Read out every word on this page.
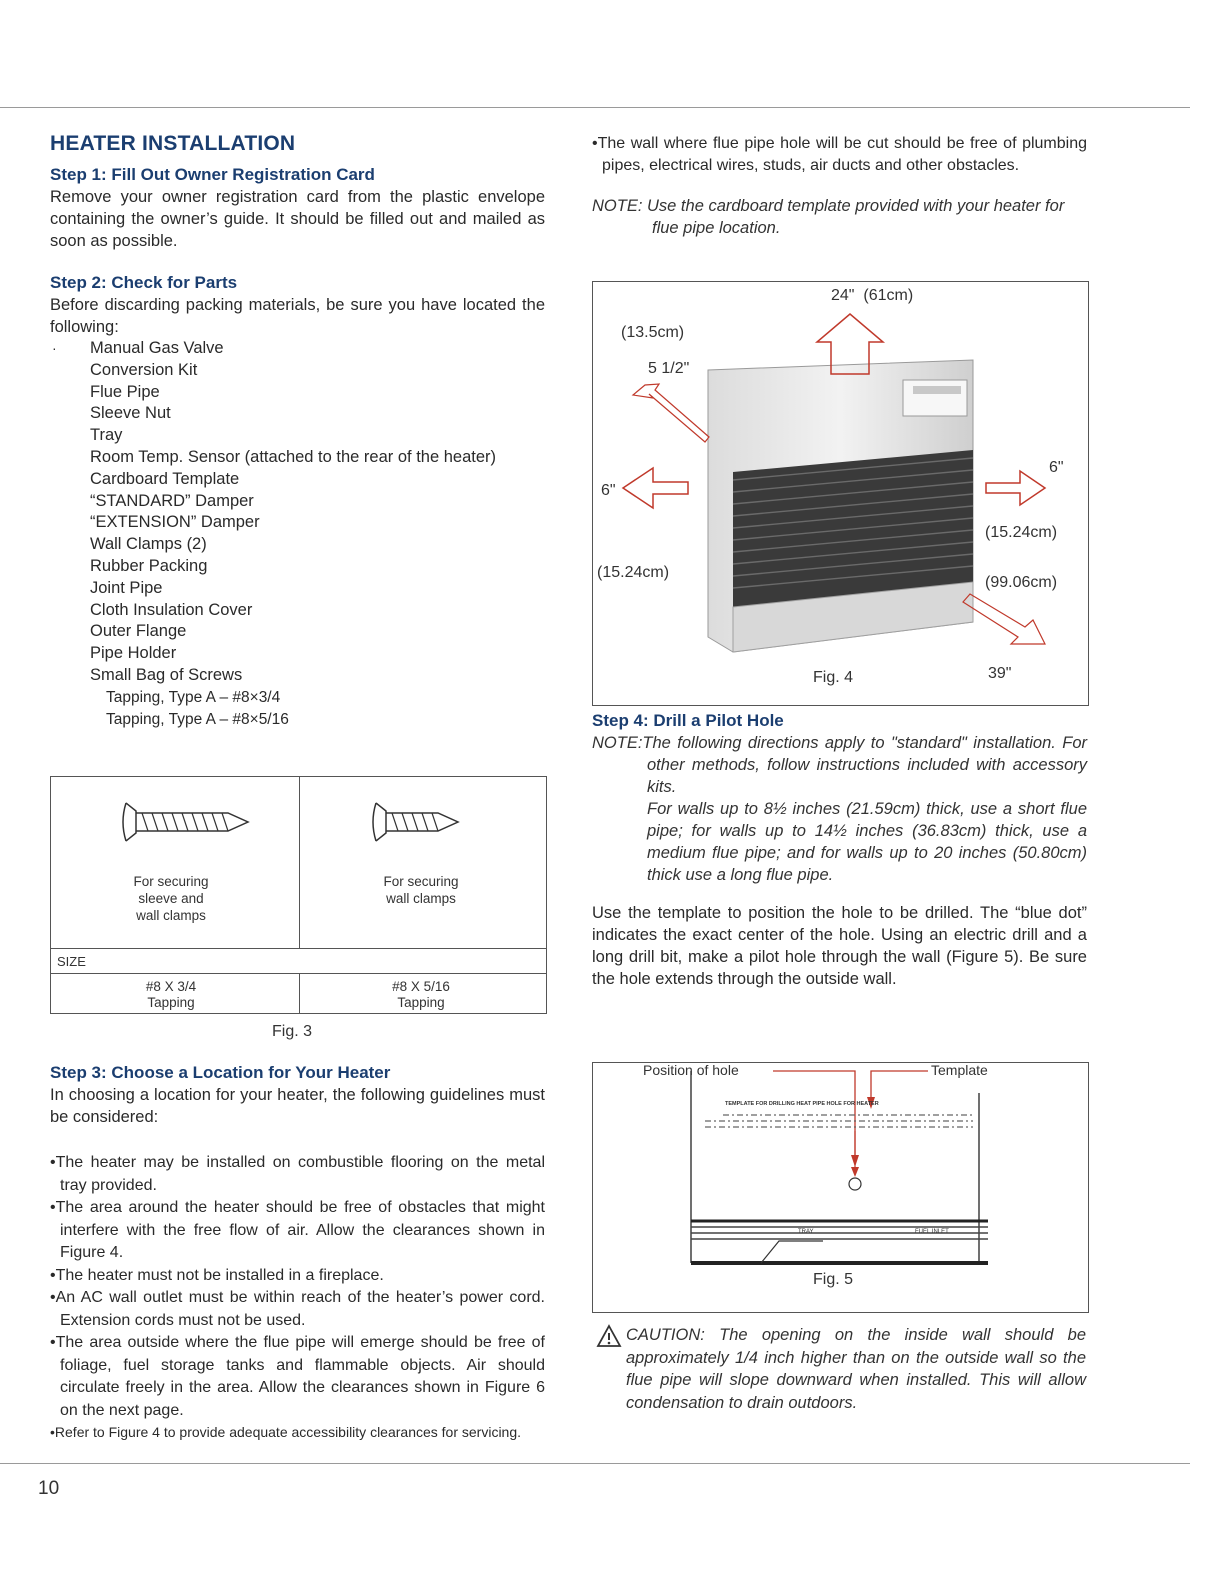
HEATER INSTALLATION
Step 1: Fill Out Owner Registration Card

Remove your owner registration card from the plastic envelope containing the owner’s guide. It should be filled out and mailed as soon as possible.

Step 2: Check for Parts

Before discarding packing materials, be sure you have located the following:

· Manual Gas Valve
Conversion Kit
Flue Pipe
Sleeve Nut
Tray
Room Temp. Sensor (attached to the rear of the heater)
Cardboard Template
“STANDARD” Damper
“EXTENSION” Damper
Wall Clamps (2)
Rubber Packing
Joint Pipe
Cloth Insulation Cover
Outer Flange
Pipe Holder
Small Bag of Screws
Tapping, Type A – #8×3/4
Tapping, Type A – #8×5/16
For securing
sleeve and
wall clamps
For securing
wall clamps
SIZE
#8 X 3/4
Tapping
#8 X 5/16
Tapping
Fig. 3
Step 3: Choose a Location for Your Heater

In choosing a location for your heater, the following guidelines must be considered:

•The heater may be installed on combustible flooring on the metal tray provided.

•The area around the heater should be free of obstacles that might interfere with the free flow of air. Allow the clearances shown in Figure 4.

•The heater must not be installed in a fireplace.

•An AC wall outlet must be within reach of the heater’s power cord. Extension cords must not be used.

•The area outside where the flue pipe will emerge should be free of foliage, fuel storage tanks and flammable objects. Air should circulate freely in the area. Allow the clearances shown in Figure 6 on the next page.

•Refer to Figure 4 to provide adequate accessibility clearances for servicing.

•The wall where flue pipe hole will be cut should be free of plumbing pipes, electrical wires, studs, air ducts and other obstacles.

NOTE: Use the cardboard template provided with your heater for flue pipe location.

24"  (61cm)
(13.5cm)
5 1/2"
6"
(15.24cm)
6"
(15.24cm)
(99.06cm)
39"
Fig. 4
Step 4: Drill a Pilot Hole

NOTE:The following directions apply to "standard" installation. For other methods, follow instructions included with accessory kits.

For walls up to 8½ inches (21.59cm) thick, use a short flue pipe; for walls up to 14½ inches (36.83cm) thick, use a medium flue pipe; and for walls up to 20 inches (50.80cm) thick use a long flue pipe.

Use the template to position the hole to be drilled. The “blue dot” indicates the exact center of the hole. Using an electric drill and a long drill bit, make a pilot hole through the wall (Figure 5). Be sure the hole extends through the outside wall.

Position of hole	Template
TEMPLATE FOR DRILLING HEAT PIPE HOLE FOR HEATER
TRAY	FUEL INLET
Fig. 5

CAUTION: The opening on the inside wall should be approximately 1/4 inch higher than on the outside wall so the flue pipe will slope downward when installed. This will allow condensation to drain outdoors.

10
